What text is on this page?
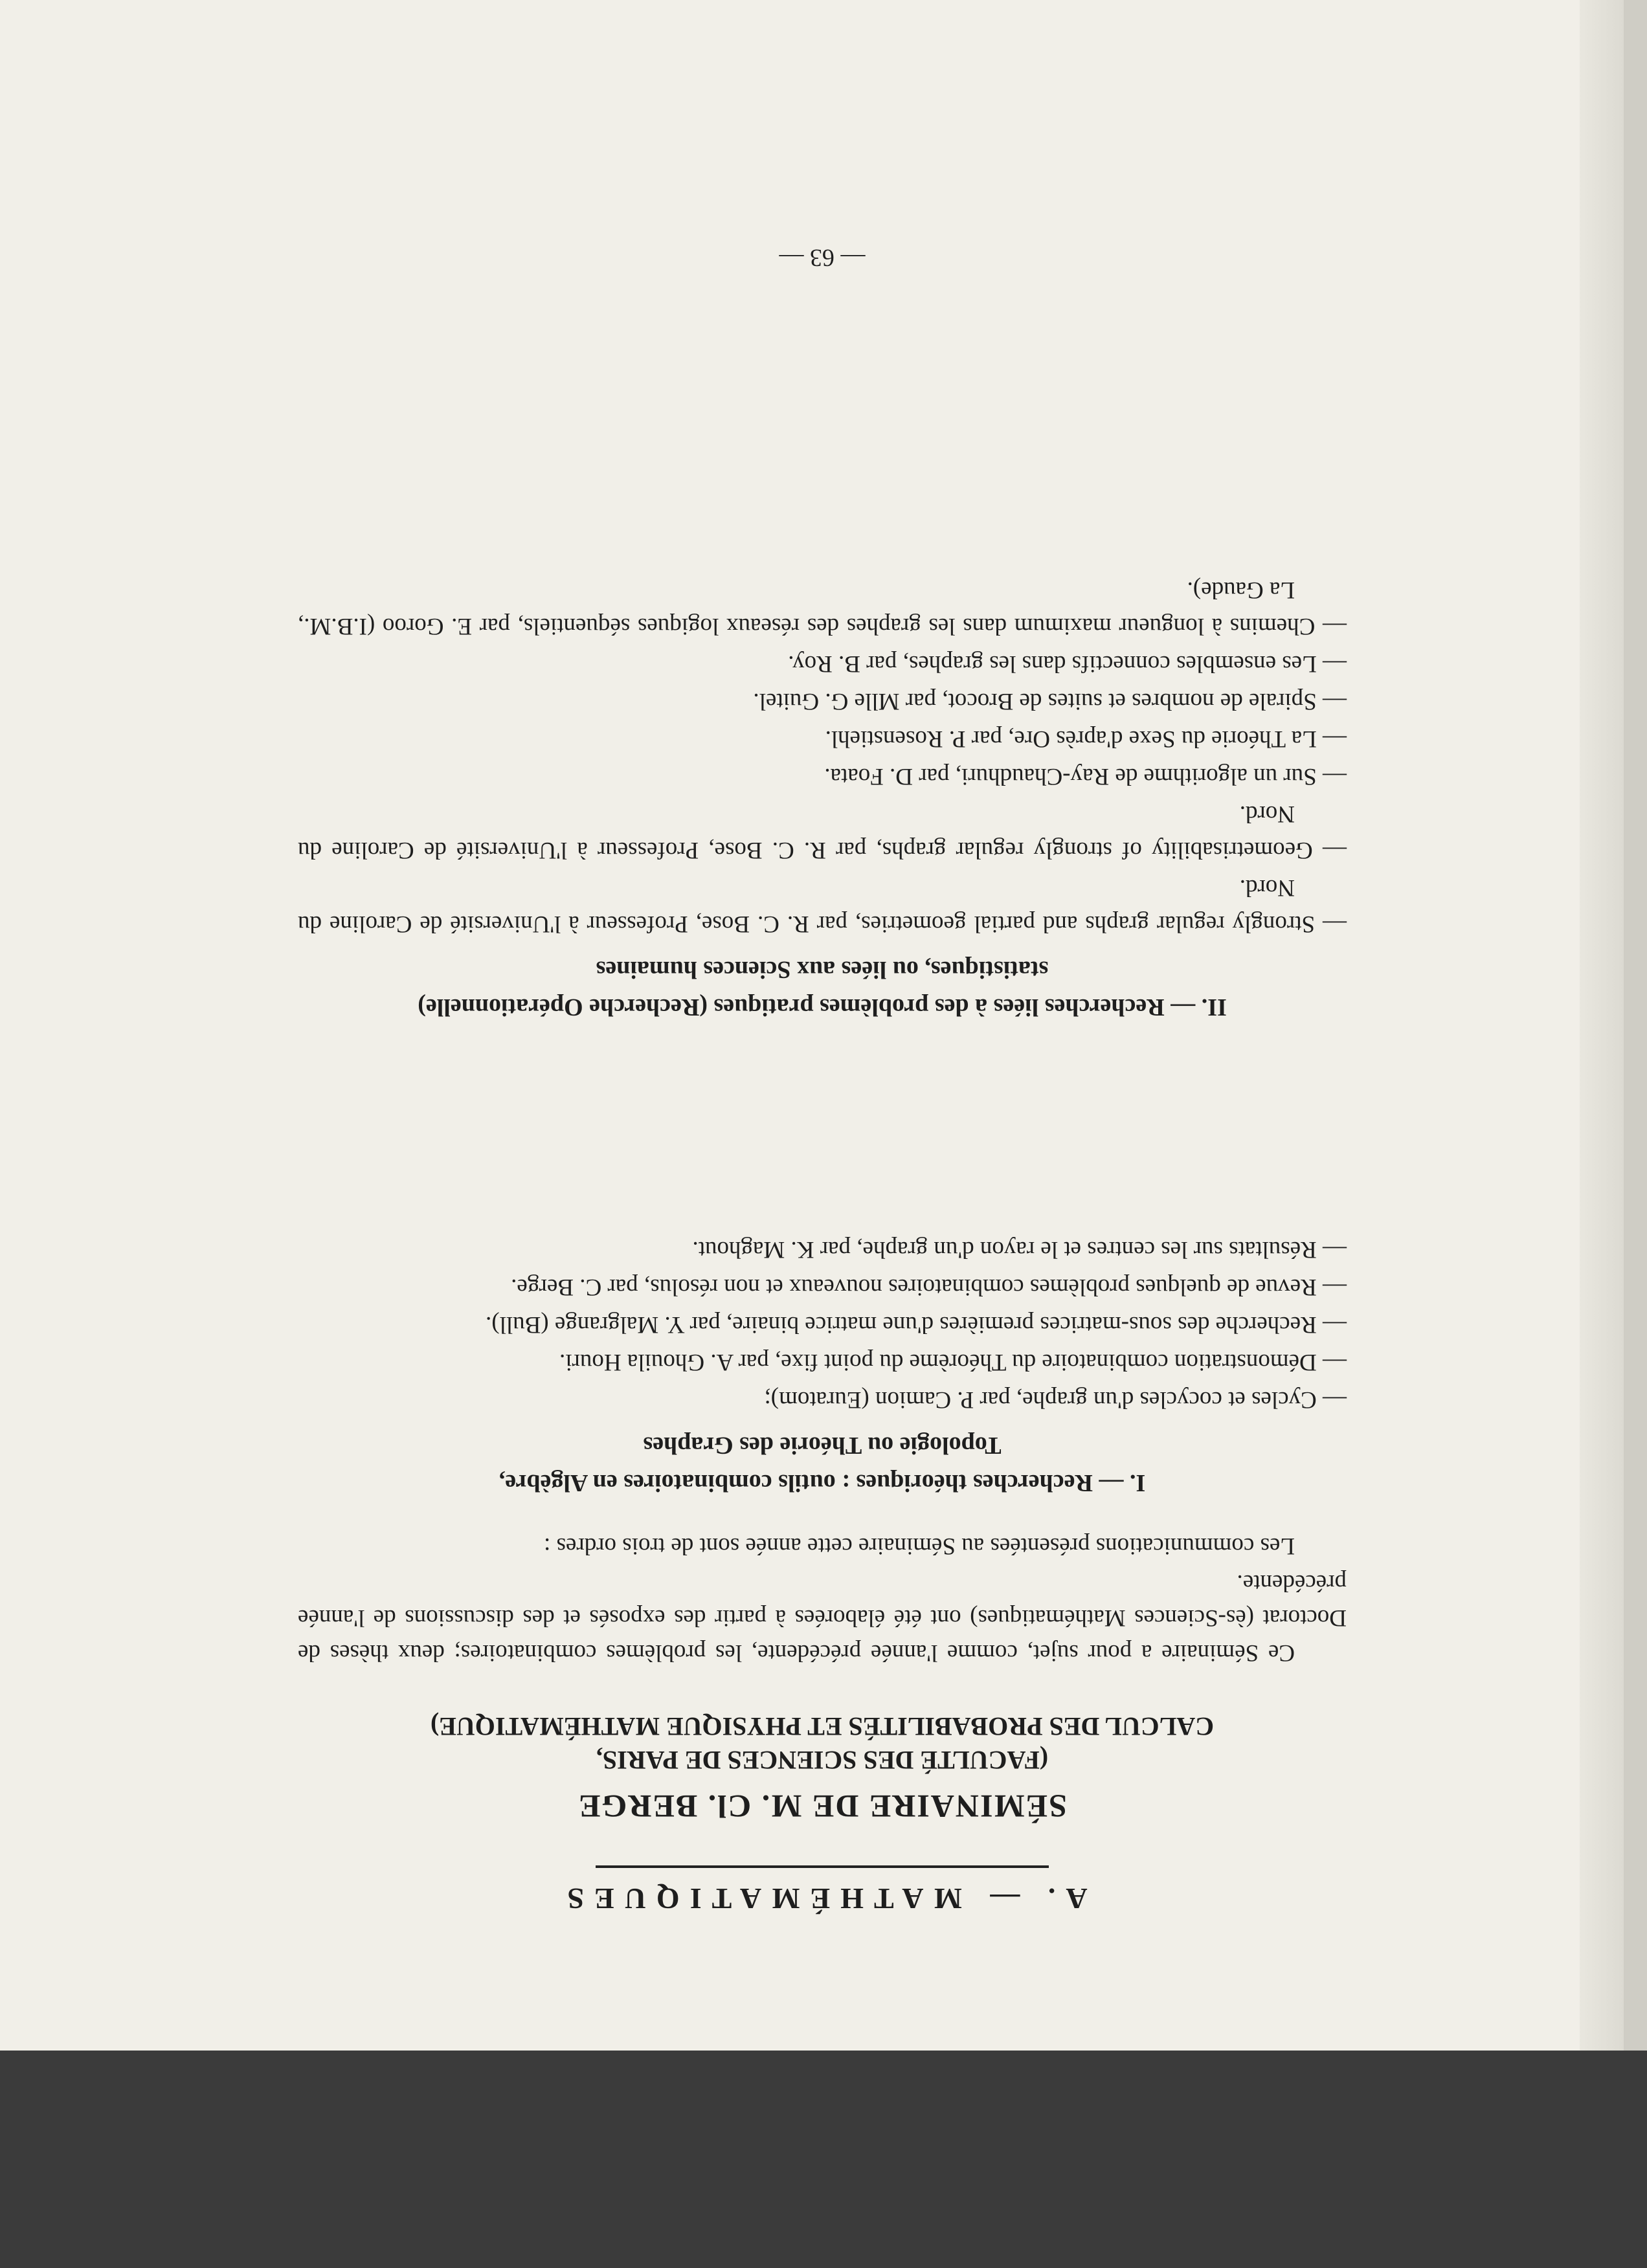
A. — MATHÉMATIQUES
SÉMINAIRE DE M. Cl. BERGE

(FACULTÉ DES SCIENCES DE PARIS,

CALCUL DES PROBABILITÉS ET PHYSIQUE MATHÉMATIQUE)

Ce Séminaire a pour sujet, comme l'année précédente, les problèmes combinatoires; deux thèses de Doctorat (ès-Sciences Mathématiques) ont été élaborées à partir des exposés et des discussions de l'année précédente.

Les communications présentées au Séminaire cette année sont de trois ordres :

I. — Recherches théoriques : outils combinatoires en Algèbre,

Topologie ou Théorie des Graphes

— Cycles et cocycles d'un graphe, par P. Camion (Euratom);
— Démonstration combinatoire du Théorème du point fixe, par A. Ghouila Houri.
— Recherche des sous-matrices premières d'une matrice binaire, par Y. Malgrange (Bull).
— Revue de quelques problèmes combinatoires nouveaux et non résolus, par C. Berge.
— Résultats sur les centres et le rayon d'un graphe, par K. Maghout.

II. — Recherches liées à des problèmes pratiques (Recherche Opérationnelle)

statistiques, ou liées aux Sciences humaines

— Strongly regular graphs and partial geometries, par R. C. Bose, Professeur à l'Université de Caroline du Nord.
— Geometrisability of strongly regular graphs, par R. C. Bose, Professeur à l'Université de Caroline du Nord.
— Sur un algorithme de Ray-Chaudhuri, par D. Foata.
— La Théorie du Sexe d'après Ore, par P. Rosenstiehl.
— Spirale de nombres et suites de Brocot, par Mlle G. Guitel.
— Les ensembles connectifs dans les graphes, par B. Roy.
— Chemins à longueur maximum dans les graphes des réseaux logiques séquentiels, par E. Goroo (I.B.M., La Gaude).
— 63 —
